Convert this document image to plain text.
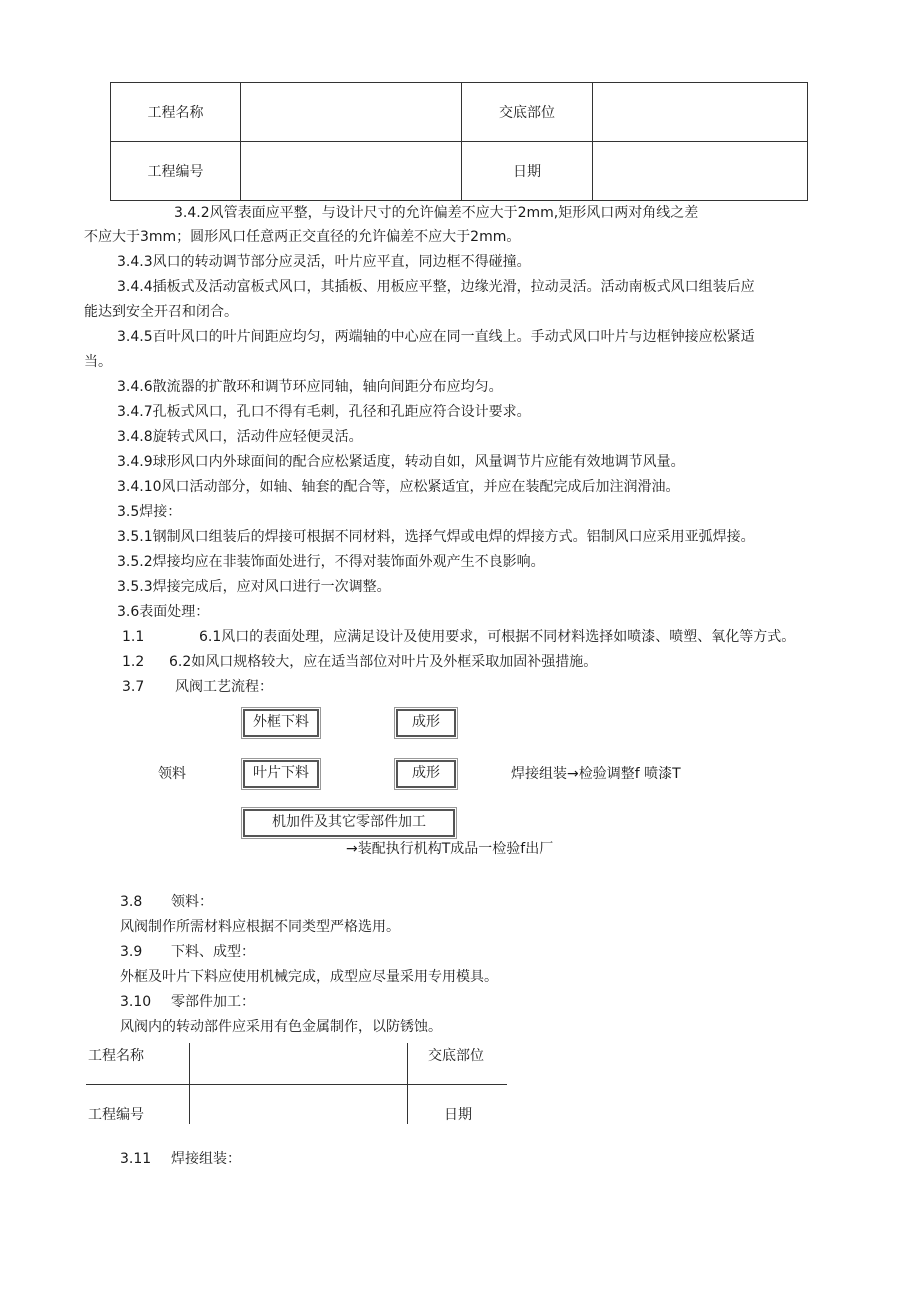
工程名称		交底部位	
工程编号		日期	
3.4.2风管表面应平整，与设计尺寸的允许偏差不应大于2mm,矩形风口两对角线之差
不应大于3mm；圆形风口任意两正交直径的允许偏差不应大于2mm。
3.4.3风口的转动调节部分应灵活，叶片应平直，同边框不得碰撞。
3.4.4插板式及活动富板式风口，其插板、用板应平整，边缘光滑，拉动灵活。活动南板式风口组装后应
能达到安全开召和闭合。
3.4.5百叶风口的叶片间距应均匀，两端轴的中心应在同一直线上。手动式风口叶片与边框钟接应松紧适
当。
3.4.6散流器的扩散环和调节环应同轴，轴向间距分布应均匀。
3.4.7孔板式风口，孔口不得有毛刺，孔径和孔距应符合设计要求。
3.4.8旋转式风口，活动件应轻便灵活。
3.4.9球形风口内外球面间的配合应松紧适度，转动自如，风量调节片应能有效地调节风量。
3.4.10风口活动部分，如轴、轴套的配合等，应松紧适宜，并应在装配完成后加注润滑油。
3.5焊接：
3.5.1钢制风口组装后的焊接可根据不同材料，选择气焊或电焊的焊接方式。铝制风口应采用亚弧焊接。
3.5.2焊接均应在非装饰面处进行，不得对装饰面外观产生不良影响。
3.5.3焊接完成后，应对风口进行一次调整。
3.6表面处理：
1.1	6.1风口的表面处理，应满足设计及使用要求，可根据不同材料选择如喷漆、喷塑、氧化等方式。
1.2 6.2如风口规格较大，应在适当部位对叶片及外框采取加固补强措施。
3.7 风阀工艺流程：
外框下料	成形
领料	叶片下料	成形	焊接组装→检验调整f 喷漆T
机加件及其它零部件加工
→装配执行机构T成品一检验f出厂
3.8 领料：
风阀制作所需材料应根据不同类型严格选用。
3.9 下料、成型：
外框及叶片下料应使用机械完成，成型应尽量采用专用模具。
3.10 零部件加工：
风阀内的转动部件应采用有色金属制作，以防锈蚀。
工程名称	交底部位
工程编号	日期
3.11 焊接组装：
